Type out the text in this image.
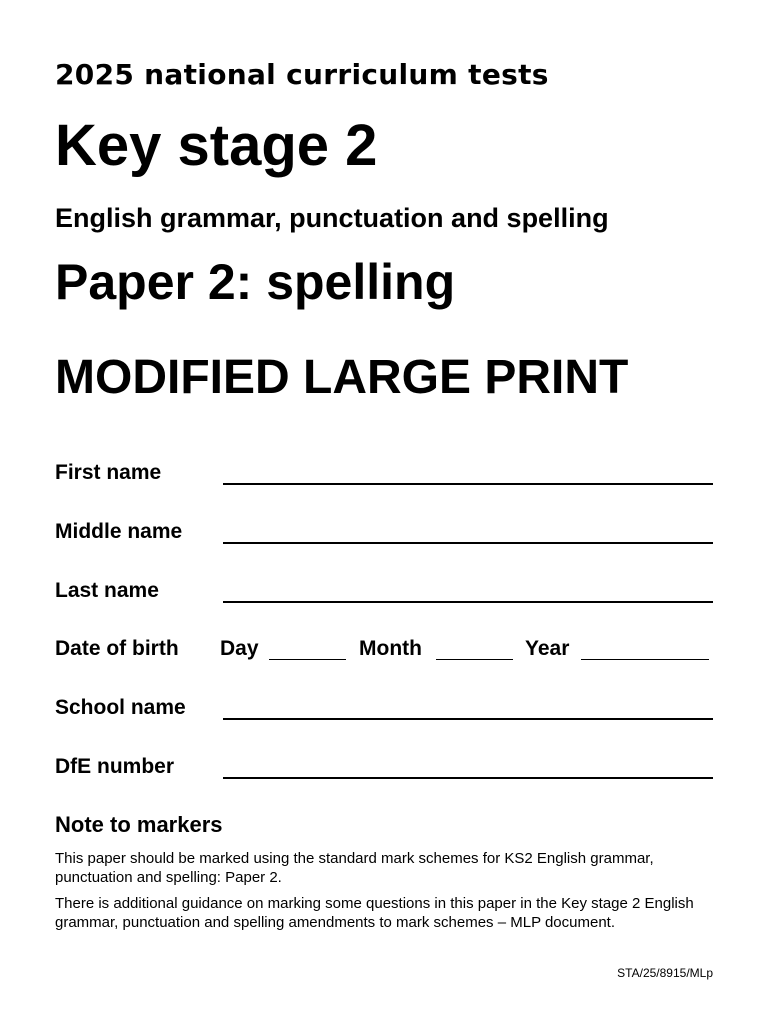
2025 national curriculum tests
Key stage 2
English grammar, punctuation and spelling
Paper 2: spelling
MODIFIED LARGE PRINT
First name
Middle name
Last name
Date of birth Day	Month	Year
School name
DfE number
Note to markers
This paper should be marked using the standard mark schemes for KS2 English grammar, punctuation and spelling: Paper 2.
There is additional guidance on marking some questions in this paper in the Key stage 2 English grammar, punctuation and spelling amendments to mark schemes – MLP document.
STA/25/8915/MLp
